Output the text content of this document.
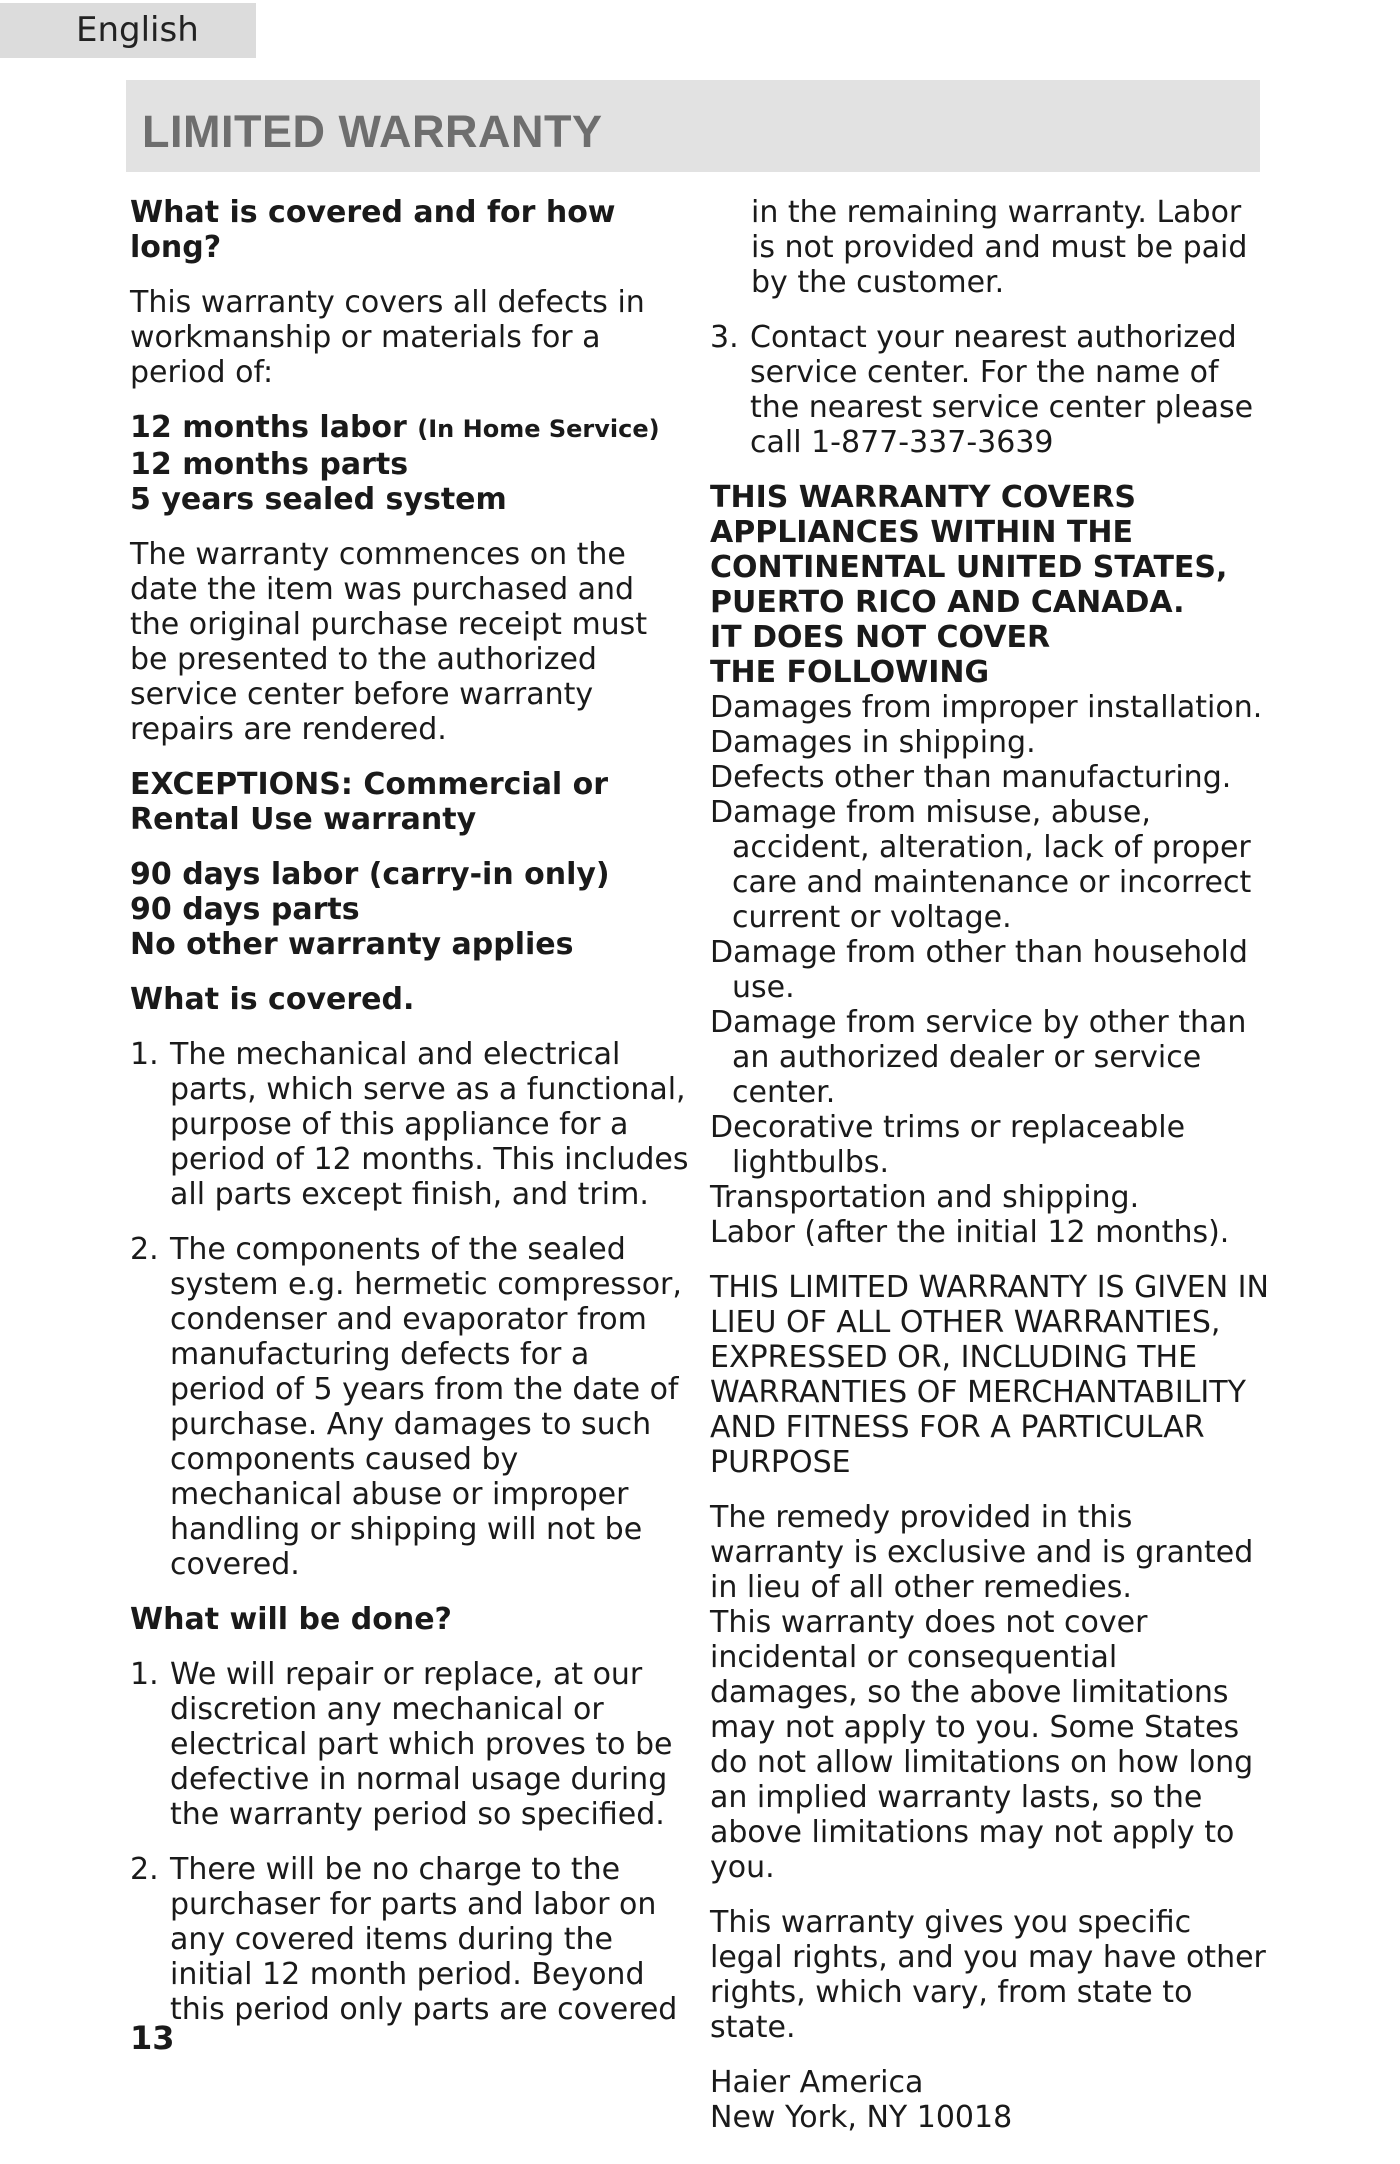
English
LIMITED WARRANTY

What is covered and for how long?

This warranty covers all defects in workmanship or materials for a period of:

12 months labor (In Home Service)
12 months parts
5 years sealed system

The warranty commences on the date the item was purchased and the original purchase receipt must be presented to the authorized service center before warranty repairs are rendered.

EXCEPTIONS: Commercial or Rental Use warranty

90 days labor (carry-in only)
90 days parts
No other warranty applies

What is covered.

1. The mechanical and electrical parts, which serve as a functional, purpose of this appliance for a period of 12 months. This includes all parts except finish, and trim.
2. The components of the sealed system e.g. hermetic compressor, condenser and evaporator from manufacturing defects for a period of 5 years from the date of purchase. Any damages to such components caused by mechanical abuse or improper handling or shipping will not be covered.

What will be done?

1. We will repair or replace, at our discretion any mechanical or electrical part which proves to be defective in normal usage during the warranty period so specified.
2. There will be no charge to the purchaser for parts and labor on any covered items during the initial 12 month period. Beyond this period only parts are covered

in the remaining warranty. Labor is not provided and must be paid by the customer.

3. Contact your nearest authorized service center. For the name of the nearest service center please call 1-877-337-3639

THIS WARRANTY COVERS APPLIANCES WITHIN THE CONTINENTAL UNITED STATES, PUERTO RICO AND CANADA.

IT DOES NOT COVER
THE FOLLOWING

Damages from improper installation.
Damages in shipping.
Defects other than manufacturing.
Damage from misuse, abuse, accident, alteration, lack of proper care and maintenance or incorrect current or voltage.
Damage from other than household use.
Damage from service by other than an authorized dealer or service center.
Decorative trims or replaceable lightbulbs.
Transportation and shipping.
Labor (after the initial 12 months).

THIS LIMITED WARRANTY IS GIVEN IN LIEU OF ALL OTHER WARRANTIES, EXPRESSED OR, INCLUDING THE WARRANTIES OF MERCHANTABILITY AND FITNESS FOR A PARTICULAR PURPOSE

The remedy provided in this warranty is exclusive and is granted in lieu of all other remedies.

This warranty does not cover incidental or consequential damages, so the above limitations may not apply to you. Some States do not allow limitations on how long an implied warranty lasts, so the above limitations may not apply to you.

This warranty gives you specific legal rights, and you may have other rights, which vary, from state to state.

Haier America
New York, NY 10018

13
